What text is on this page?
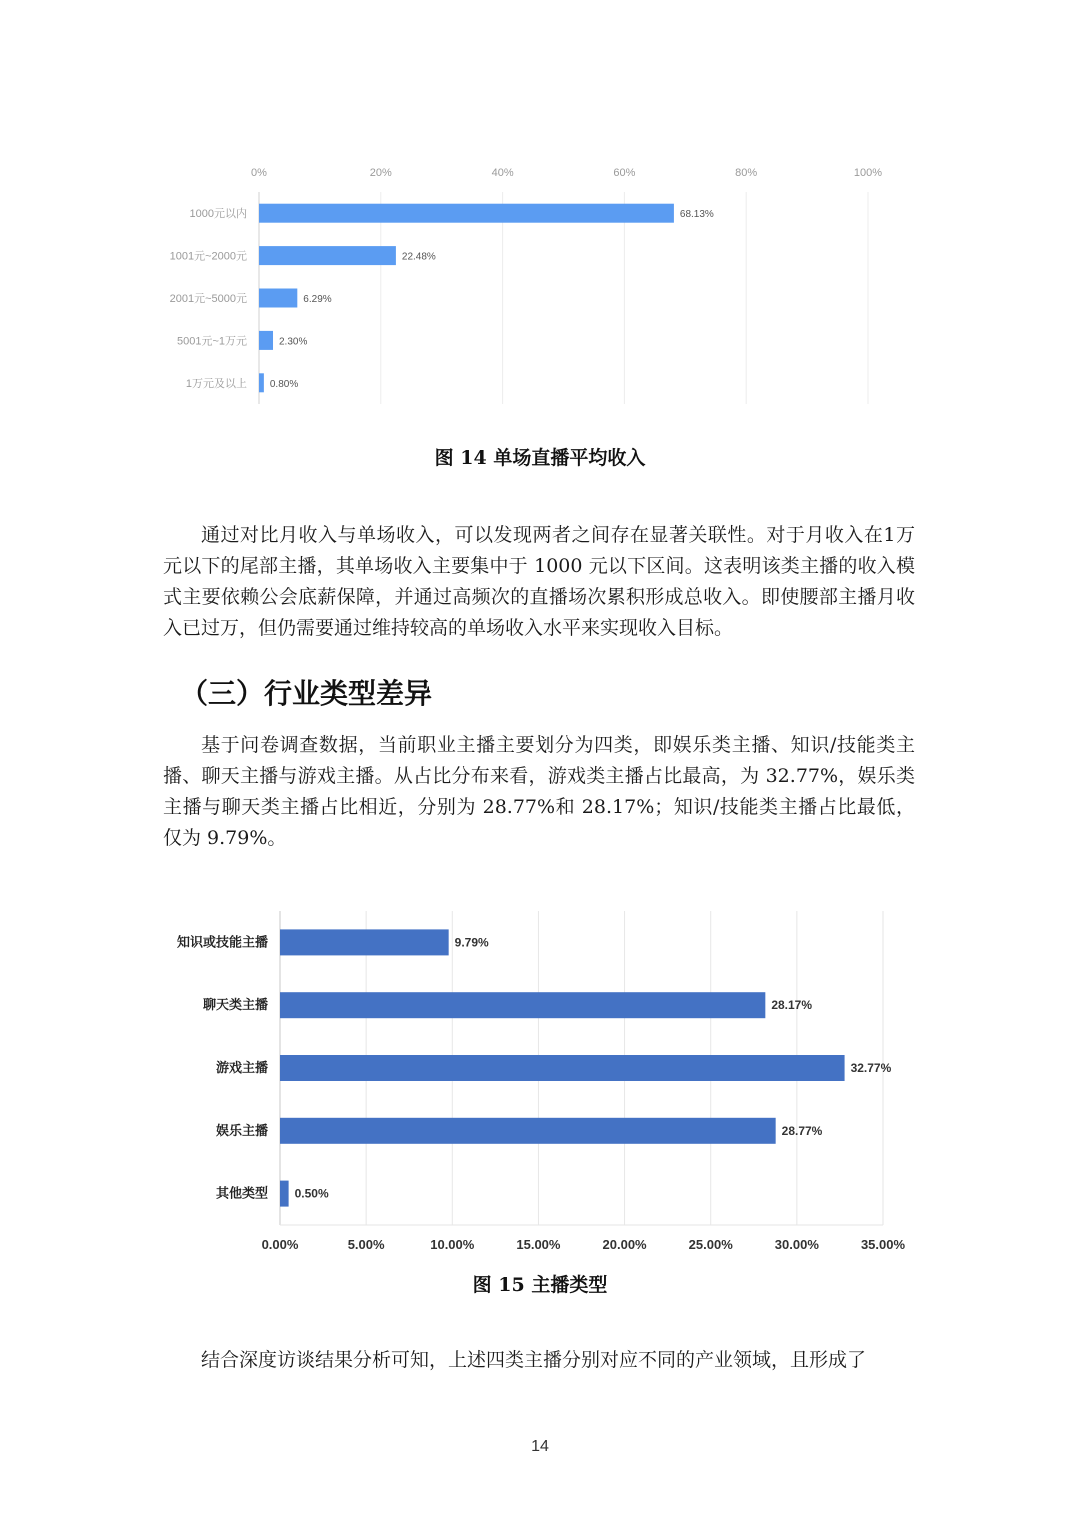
0%	20%	40%	60%	80%	100%
1000元以内	68.13%
1001元~2000元	22.48%
2001元~5000元	6.29%
5001元~1万元	2.30%
1万元及以上 0.80%

图 14 单场直播平均收入

通过对比月收入与单场收入，可以发现两者之间存在显著关联性。对于月收入在1万元以下的尾部主播，其单场收入主要集中于 1000 元以下区间。这表明该类主播的收入模式主要依赖公会底薪保障，并通过高频次的直播场次累积形成总收入。即使腰部主播月收入已过万，但仍需要通过维持较高的单场收入水平来实现收入目标。

（三）行业类型差异

基于问卷调查数据，当前职业主播主要划分为四类，即娱乐类主播、知识/技能类主播、聊天主播与游戏主播。从占比分布来看，游戏类主播占比最高，为 32.77%，娱乐类主播与聊天类主播占比相近，分别为 28.77%和 28.17%；知识/技能类主播占比最低，仅为 9.79%。

0.00%	5.00%	10.00%	15.00%	20.00%	25.00%	30.00%	35.00%
知识或技能主播	9.79%
聊天类主播	28.17%
游戏主播	32.77%
娱乐主播	28.77%
其他类型 0.50%

图 15 主播类型

结合深度访谈结果分析可知，上述四类主播分别对应不同的产业领域，且形成了

14
